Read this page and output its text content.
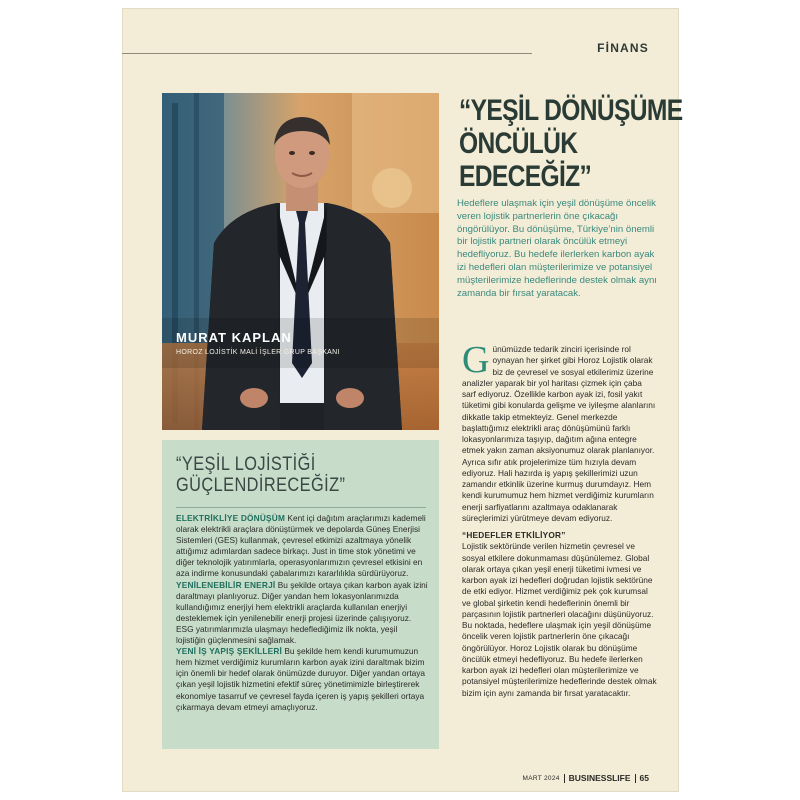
FİNANS
MURAT KAPLAN
HOROZ LOJİSTİK MALİ İŞLER GRUP BAŞKANI
“YEŞİL DÖNÜŞÜME
ÖNCÜLÜK
EDECEĞİZ”
Hedeflere ulaşmak için yeşil dönüşüme öncelik veren lojistik partnerlerin öne çıkacağı öngörülüyor. Bu dönüşüme, Türkiye’nin önemli bir lojistik partneri olarak öncülük etmeyi hedefliyoruz. Bu hedefe ilerlerken karbon ayak izi hedefleri olan müşterilerimize ve potansiyel müşterilerimize hedeflerinde destek olmak aynı zamanda bir fırsat yaratacak.

Günümüzde tedarik zinciri içerisinde rol oynayan her şirket gibi Horoz Lojistik olarak biz de çevresel ve sosyal etkilerimiz üzerine analizler yaparak bir yol haritası çizmek için çaba sarf ediyoruz. Özellikle karbon ayak izi, fosil yakıt tüketimi gibi konularda gelişme ve iyileşme alanlarını dikkatle takip etmekteyiz. Genel merkezde başlattığımız elektrikli araç dönüşümünü farklı lokasyonlarımıza taşıyıp, dağıtım ağına entegre etmek yakın zaman aksiyonumuz olarak planlanıyor. Ayrıca sıfır atık projelerimize tüm hızıyla devam ediyoruz. Hali hazırda iş yapış şekillerimizi uzun zamandır etkinlik üzerine kurmuş durumdayız. Hem kendi kurumumuz hem hizmet verdiğimiz kurumların enerji sarfiyatlarını azaltmaya odaklanarak süreçlerimizi yürütmeye devam ediyoruz.

“HEDEFLER ETKİLİYOR”

Lojistik sektöründe verilen hizmetin çevresel ve sosyal etkilere dokunmaması düşünülemez. Global olarak ortaya çıkan yeşil enerji tüketimi ivmesi ve karbon ayak izi hedefleri doğrudan lojistik sektörüne de etki ediyor. Hizmet verdiğimiz pek çok kurumsal ve global şirketin kendi hedeflerinin önemli bir parçasının lojistik partnerleri olacağını düşünüyoruz. Bu noktada, hedeflere ulaşmak için yeşil dönüşüme öncelik veren lojistik partnerlerin öne çıkacağı öngörülüyor. Horoz Lojistik olarak bu dönüşüme öncülük etmeyi hedefliyoruz. Bu hedefe ilerlerken karbon ayak izi hedefleri olan müşterilerimize ve potansiyel müşterilerimize hedeflerinde destek olmak bizim için aynı zamanda bir fırsat yaratacaktır.

“YEŞİL LOJİSTİĞİ
GÜÇLENDİRECEĞİZ”

ELEKTRİKLİYE DÖNÜŞÜM Kent içi dağıtım araçlarımızı kademeli olarak elektrikli araçlara dönüştürmek ve depolarda Güneş Enerjisi Sistemleri (GES) kullanmak, çevresel etkimizi azaltmaya yönelik attığımız adımlardan sadece birkaçı. Just in time stok yönetimi ve diğer teknolojik yatırımlarla, operasyonlarımızın çevresel etkisini en aza indirme konusundaki çabalarımızı kararlılıkla sürdürüyoruz.

YENİLENEBİLİR ENERJİ Bu şekilde ortaya çıkan karbon ayak izini daraltmayı planlıyoruz. Diğer yandan hem lokasyonlarımızda kullandığımız enerjiyi hem elektrikli araçlarda kullanılan enerjiyi desteklemek için yenilenebilir enerji projesi üzerinde çalışıyoruz.

ESG yatırımlarımızla ulaşmayı hedeflediğimiz ilk nokta, yeşil lojistiğin güçlenmesini sağlamak.

YENİ İŞ YAPIŞ ŞEKİLLERİ Bu şekilde hem kendi kurumumuzun hem hizmet verdiğimiz kurumların karbon ayak izini daraltmak bizim için önemli bir hedef olarak önümüzde duruyor. Diğer yandan ortaya çıkan yeşil lojistik hizmetini efektif süreç yönetimimizle birleştirerek ekonomiye tasarruf ve çevresel fayda içeren iş yapış şekilleri ortaya çıkarmaya devam etmeyi amaçlıyoruz.

MART 2024 BUSINESSLIFE 65
